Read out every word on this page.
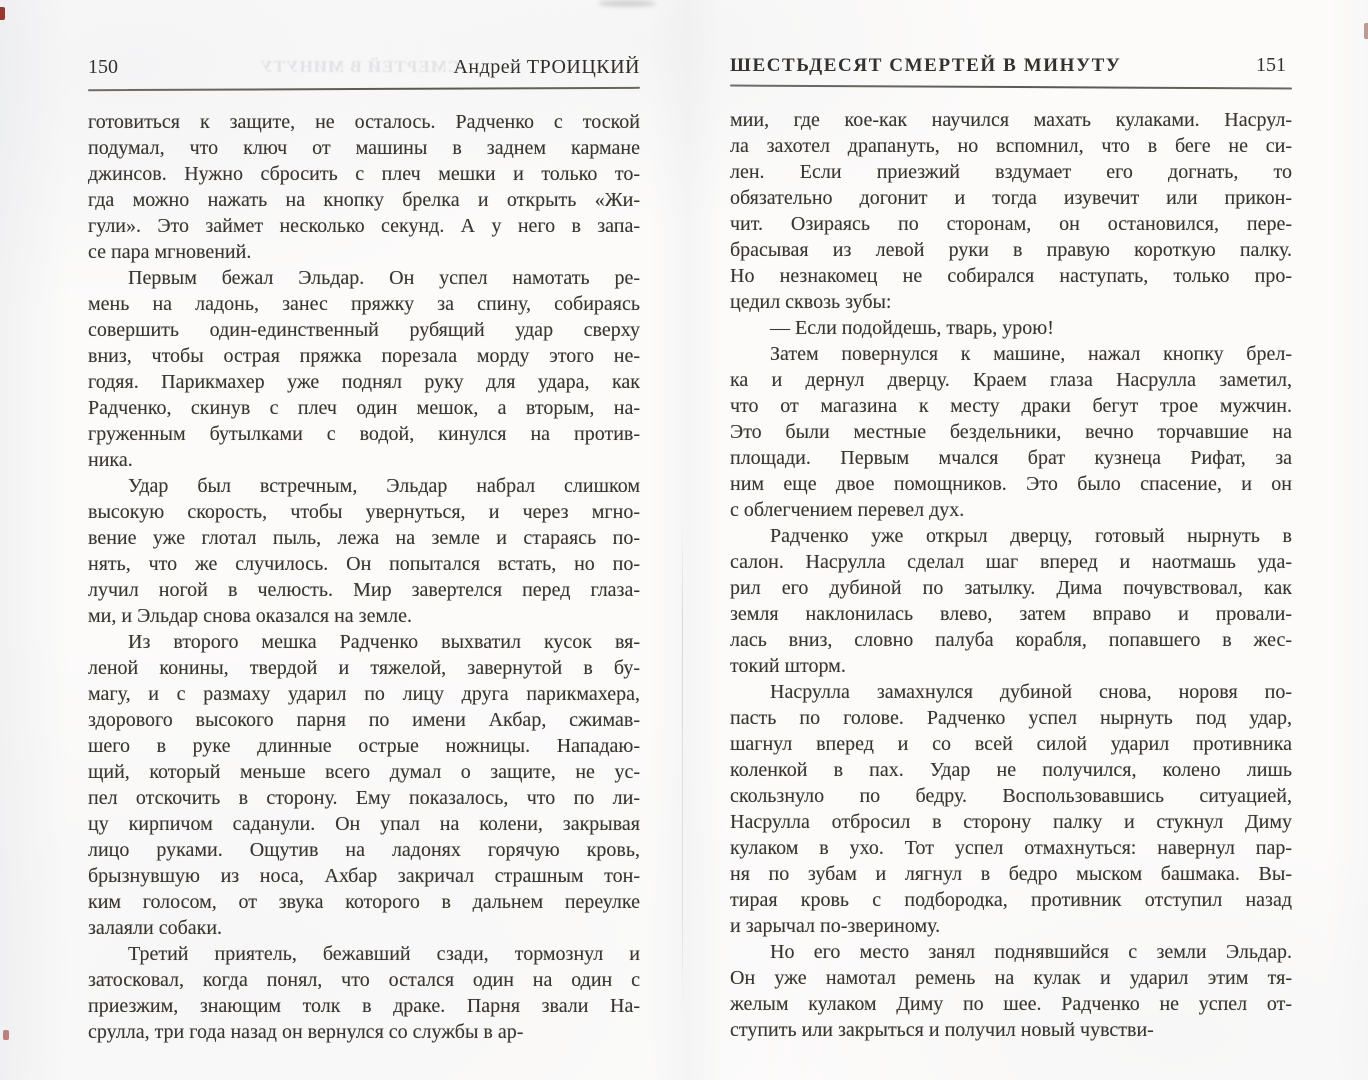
СМЕРТЕЙ В МИНУТУ
150	Андрей ТРОИЦКИЙ
готовиться к защите, не осталось. Радченко с тоской
подумал, что ключ от машины в заднем кармане
джинсов. Нужно сбросить с плеч мешки и только то-
гда можно нажать на кнопку брелка и открыть «Жи-
гули». Это займет несколько секунд. А у него в запа-
се пара мгновений.
Первым бежал Эльдар. Он успел намотать ре-
мень на ладонь, занес пряжку за спину, собираясь
совершить один-единственный рубящий удар сверху
вниз, чтобы острая пряжка порезала морду этого не-
годяя. Парикмахер уже поднял руку для удара, как
Радченко, скинув с плеч один мешок, а вторым, на-
груженным бутылками с водой, кинулся на против-
ника.
Удар был встречным, Эльдар набрал слишком
высокую скорость, чтобы увернуться, и через мгно-
вение уже глотал пыль, лежа на земле и стараясь по-
нять, что же случилось. Он попытался встать, но по-
лучил ногой в челюсть. Мир завертелся перед глаза-
ми, и Эльдар снова оказался на земле.
Из второго мешка Радченко выхватил кусок вя-
леной конины, твердой и тяжелой, завернутой в бу-
магу, и с размаху ударил по лицу друга парикмахера,
здорового высокого парня по имени Акбар, сжимав-
шего в руке длинные острые ножницы. Нападаю-
щий, который меньше всего думал о защите, не ус-
пел отскочить в сторону. Ему показалось, что по ли-
цу кирпичом саданули. Он упал на колени, закрывая
лицо руками. Ощутив на ладонях горячую кровь,
брызнувшую из носа, Ахбар закричал страшным тон-
ким голосом, от звука которого в дальнем переулке
залаяли собаки.
Третий приятель, бежавший сзади, тормознул и
затосковал, когда понял, что остался один на один с
приезжим, знающим толк в драке. Парня звали На-
срулла, три года назад он вернулся со службы в ар-
ШЕСТЬДЕСЯТ СМЕРТЕЙ В МИНУТУ	151
мии, где кое-как научился махать кулаками. Насрул-
ла захотел драпануть, но вспомнил, что в беге не си-
лен. Если приезжий вздумает его догнать, то
обязательно догонит и тогда изувечит или прикон-
чит. Озираясь по сторонам, он остановился, пере-
брасывая из левой руки в правую короткую палку.
Но незнакомец не собирался наступать, только про-
цедил сквозь зубы:
— Если подойдешь, тварь, урою!
Затем повернулся к машине, нажал кнопку брел-
ка и дернул дверцу. Краем глаза Насрулла заметил,
что от магазина к месту драки бегут трое мужчин.
Это были местные бездельники, вечно торчавшие на
площади. Первым мчался брат кузнеца Рифат, за
ним еще двое помощников. Это было спасение, и он
с облегчением перевел дух.
Радченко уже открыл дверцу, готовый нырнуть в
салон. Насрулла сделал шаг вперед и наотмашь уда-
рил его дубиной по затылку. Дима почувствовал, как
земля наклонилась влево, затем вправо и провали-
лась вниз, словно палуба корабля, попавшего в жес-
токий шторм.
Насрулла замахнулся дубиной снова, норовя по-
пасть по голове. Радченко успел нырнуть под удар,
шагнул вперед и со всей силой ударил противника
коленкой в пах. Удар не получился, колено лишь
скользнуло по бедру. Воспользовавшись ситуацией,
Насрулла отбросил в сторону палку и стукнул Диму
кулаком в ухо. Тот успел отмахнуться: навернул пар-
ня по зубам и лягнул в бедро мыском башмака. Вы-
тирая кровь с подбородка, противник отступил назад
и зарычал по-звериному.
Но его место занял поднявшийся с земли Эльдар.
Он уже намотал ремень на кулак и ударил этим тя-
желым кулаком Диму по шее. Радченко не успел от-
ступить или закрыться и получил новый чувстви-
